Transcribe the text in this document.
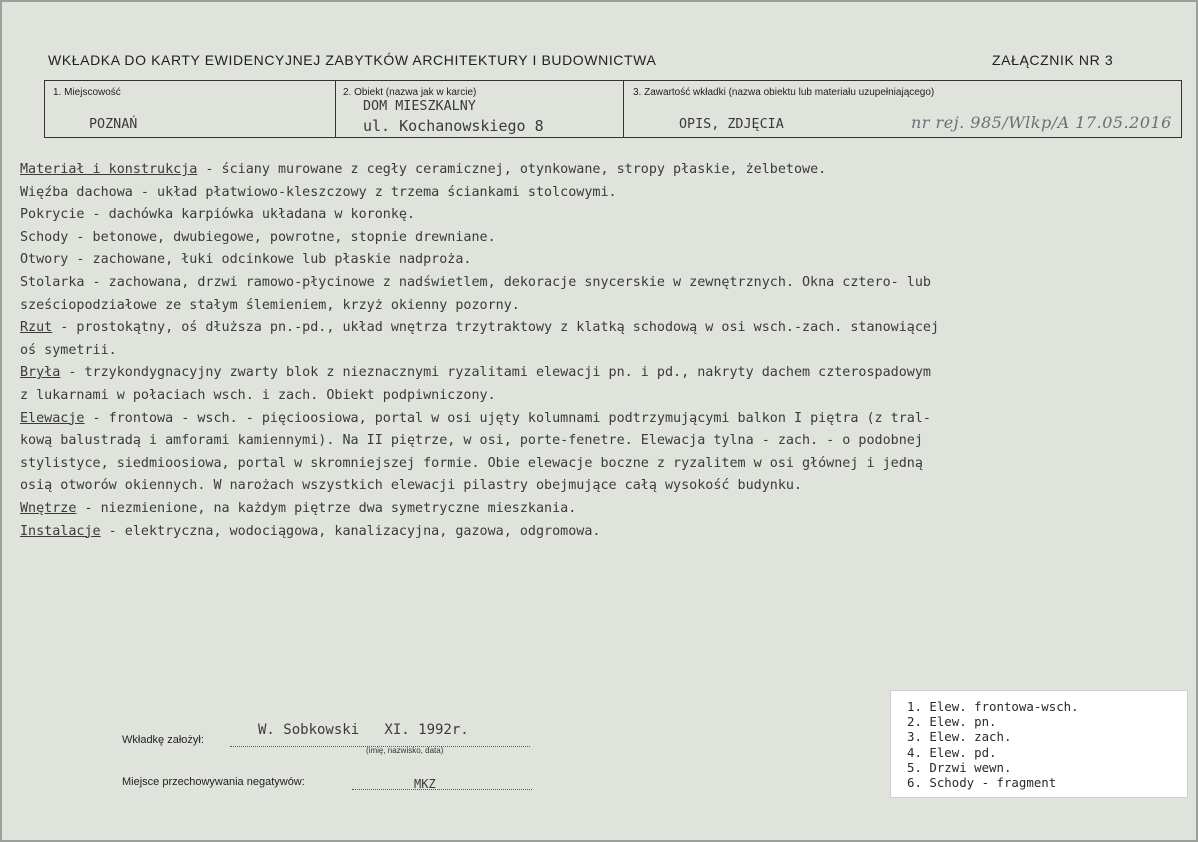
WKŁADKA DO KARTY EWIDENCYJNEJ ZABYTKÓW ARCHITEKTURY I BUDOWNICTWA	ZAŁĄCZNIK NR 3
1. Miejscowość
POZNAŃ
2. Obiekt (nazwa jak w karcie)
DOM MIESZKALNY
ul. Kochanowskiego 8
3. Zawartość wkładki (nazwa obiektu lub materiału uzupełniającego)
OPIS, ZDJĘCIA	nr rej. 985/Wlkp/A 17.05.2016
Materiał i konstrukcja - ściany murowane z cegły ceramicznej, otynkowane, stropy płaskie, żelbetowe.
Więźba dachowa - układ płatwiowo-kleszczowy z trzema ściankami stolcowymi.
Pokrycie - dachówka karpiówka układana w koronkę.
Schody - betonowe, dwubiegowe, powrotne, stopnie drewniane.
Otwory - zachowane, łuki odcinkowe lub płaskie nadproża.
Stolarka - zachowana, drzwi ramowo-płycinowe z nadświetlem, dekoracje snycerskie w zewnętrznych. Okna cztero- lub
sześciopodziałowe ze stałym ślemieniem, krzyż okienny pozorny.
Rzut - prostokątny, oś dłuższa pn.-pd., układ wnętrza trzytraktowy z klatką schodową w osi wsch.-zach. stanowiącej
oś symetrii.
Bryła - trzykondygnacyjny zwarty blok z nieznacznymi ryzalitami elewacji pn. i pd., nakryty dachem czterospadowym
z lukarnami w połaciach wsch. i zach. Obiekt podpiwniczony.
Elewacje - frontowa - wsch. - pięcioosiowa, portal w osi ujęty kolumnami podtrzymującymi balkon I piętra (z tral-
kową balustradą i amforami kamiennymi). Na II piętrze, w osi, porte-fenetre. Elewacja tylna - zach. - o podobnej
stylistyce, siedmioosiowa, portal w skromniejszej formie. Obie elewacje boczne z ryzalitem w osi głównej i jedną
osią otworów okiennych. W narożach wszystkich elewacji pilastry obejmujące całą wysokość budynku.
Wnętrze - niezmienione, na każdym piętrze dwa symetryczne mieszkania.
Instalacje - elektryczna, wodociągowa, kanalizacyjna, gazowa, odgromowa.
1. Elew. frontowa-wsch.
2. Elew. pn.
3. Elew. zach.
4. Elew. pd.
5. Drzwi wewn.
6. Schody - fragment
Wkładkę założył:
W. Sobkowski   XI. 1992r.
(imię, nazwisko, data)
Miejsce przechowywania negatywów:	MKZ
